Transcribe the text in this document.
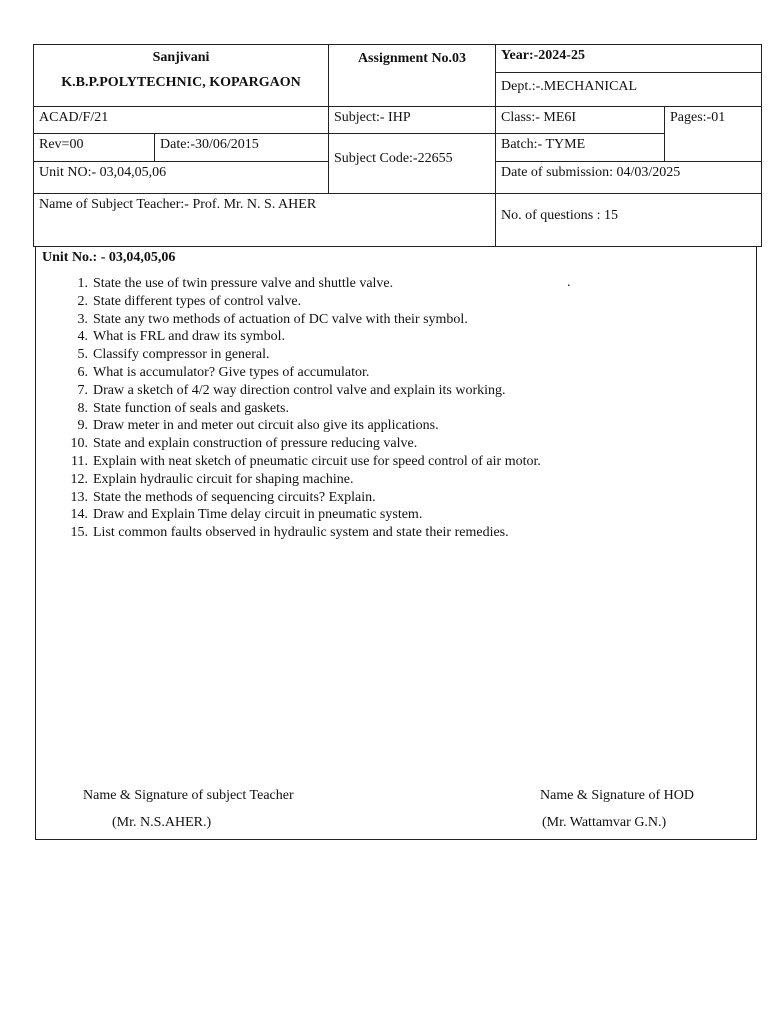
Sanjivani
K.B.P.POLYTECHNIC, KOPARGAON
Assignment No.03	Year:-2024-25
Dept.:-.MECHANICAL
ACAD/F/21	Subject:- IHP	Class:- ME6I	Pages:-01
Rev=00	Date:-30/06/2015
Subject Code:-22655
Batch:- TYME
Unit NO:- 03,04,05,06	Date of submission: 04/03/2025
Name of Subject Teacher:- Prof. Mr. N. S. AHER
No. of questions : 15
Unit No.: - 03,04,05,06
.
1. State the use of twin pressure valve and shuttle valve.
2. State different types of control valve.
3. State any two methods of actuation of DC valve with their symbol.
4. What is FRL and draw its symbol.
5. Classify compressor in general.
6. What is accumulator? Give types of accumulator.
7. Draw a sketch of 4/2 way direction control valve and explain its working.
8. State function of seals and gaskets.
9. Draw meter in and meter out circuit also give its applications.
10. State and explain construction of pressure reducing valve.
11. Explain with neat sketch of pneumatic circuit use for speed control of air motor.
12. Explain hydraulic circuit for shaping machine.
13. State the methods of sequencing circuits? Explain.
14. Draw and Explain Time delay circuit in pneumatic system.
15. List common faults observed in hydraulic system and state their remedies.
Name & Signature of subject Teacher
(Mr. N.S.AHER.)
Name & Signature of HOD
(Mr. Wattamvar G.N.)
